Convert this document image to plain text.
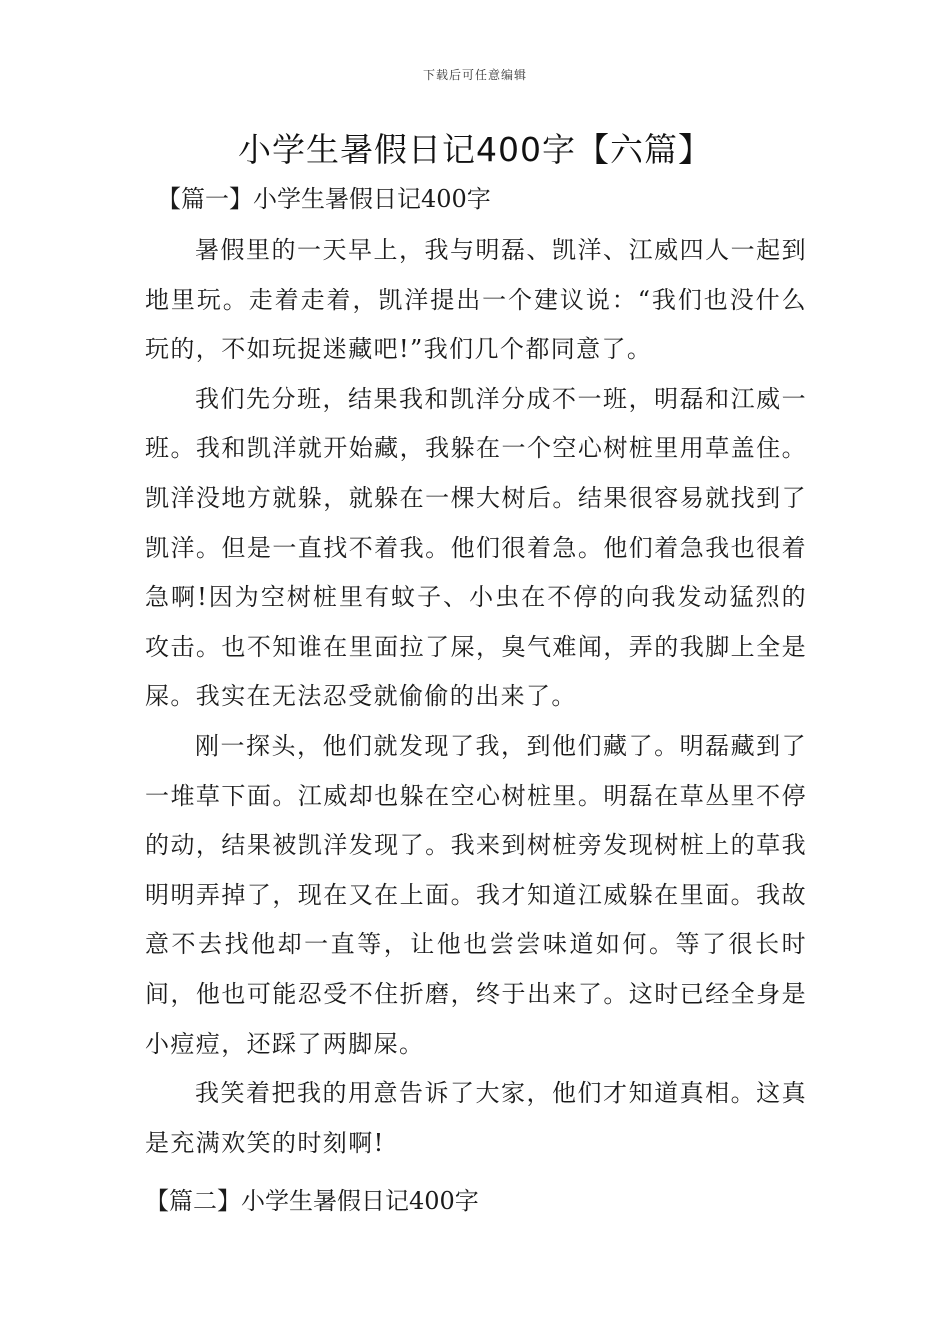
下载后可任意编辑
小学生暑假日记400字【六篇】
【篇一】小学生暑假日记400字

暑假里的一天早上，我与明磊、凯洋、江威四人一起到地里玩。走着走着，凯洋提出一个建议说：“我们也没什么玩的，不如玩捉迷藏吧!”我们几个都同意了。

我们先分班，结果我和凯洋分成不一班，明磊和江威一班。我和凯洋就开始藏，我躲在一个空心树桩里用草盖住。凯洋没地方就躲，就躲在一棵大树后。结果很容易就找到了凯洋。但是一直找不着我。他们很着急。他们着急我也很着急啊!因为空树桩里有蚊子、小虫在不停的向我发动猛烈的攻击。也不知谁在里面拉了屎，臭气难闻，弄的我脚上全是屎。我实在无法忍受就偷偷的出来了。

刚一探头，他们就发现了我，到他们藏了。明磊藏到了一堆草下面。江威却也躲在空心树桩里。明磊在草丛里不停的动，结果被凯洋发现了。我来到树桩旁发现树桩上的草我明明弄掉了，现在又在上面。我才知道江威躲在里面。我故意不去找他却一直等，让他也尝尝味道如何。等了很长时间，他也可能忍受不住折磨，终于出来了。这时已经全身是小痘痘，还踩了两脚屎。

我笑着把我的用意告诉了大家，他们才知道真相。这真是充满欢笑的时刻啊!

【篇二】小学生暑假日记400字
